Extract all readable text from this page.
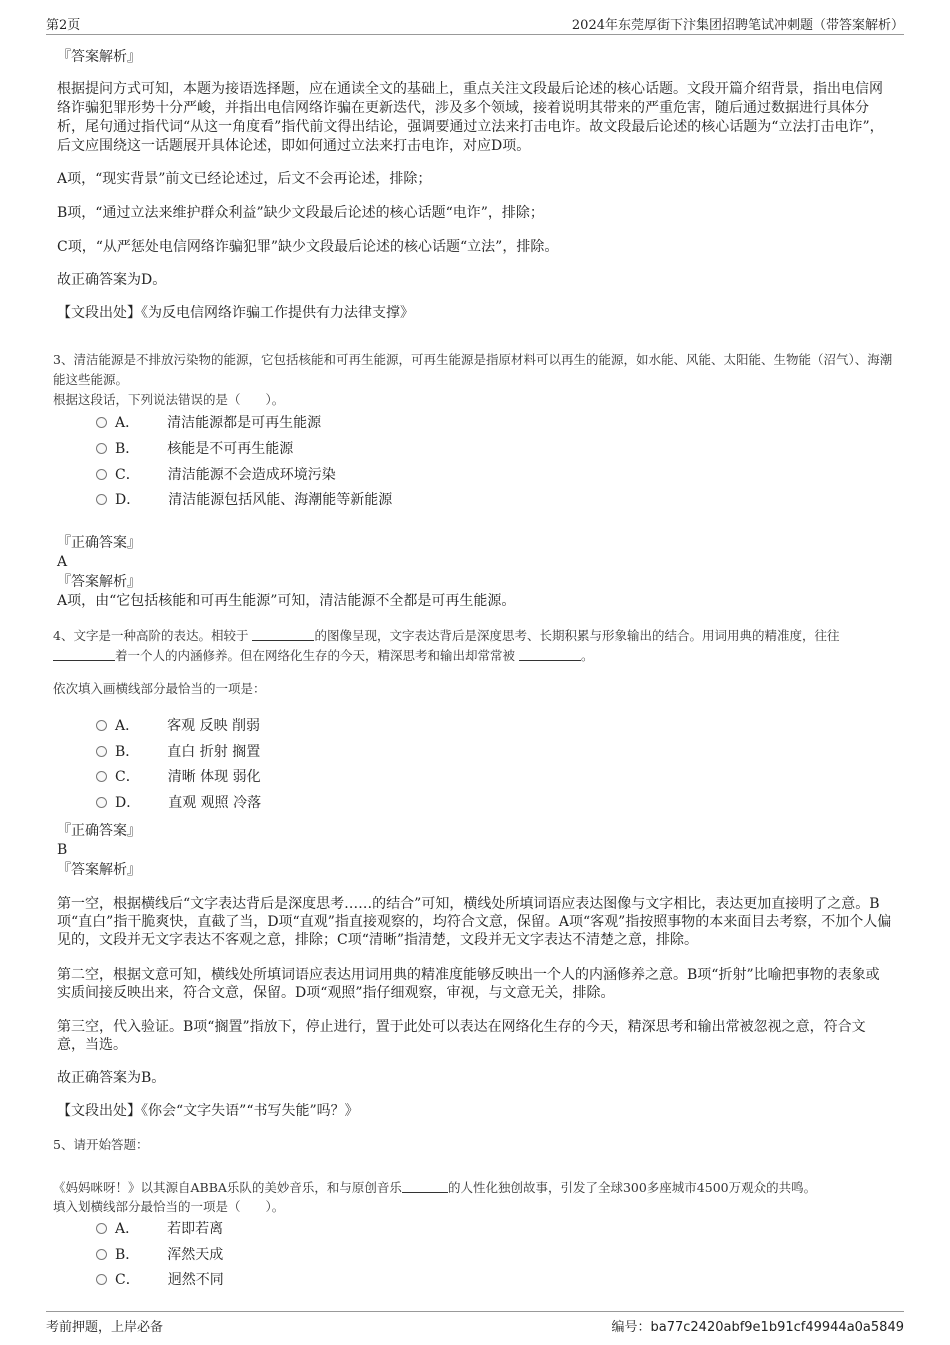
第2页	2024年东莞厚街下汴集团招聘笔试冲刺题（带答案解析）
『答案解析』
根据提问方式可知，本题为接语选择题，应在通读全文的基础上，重点关注文段最后论述的核心话题。文段开篇介绍背景，指出电信网络诈骗犯罪形势十分严峻，并指出电信网络诈骗在更新迭代，涉及多个领域，接着说明其带来的严重危害，随后通过数据进行具体分析，尾句通过指代词“从这一角度看”指代前文得出结论，强调要通过立法来打击电诈。故文段最后论述的核心话题为“立法打击电诈”，后文应围绕这一话题展开具体论述，即如何通过立法来打击电诈，对应D项。
A项，“现实背景”前文已经论述过，后文不会再论述，排除；
B项，“通过立法来维护群众利益”缺少文段最后论述的核心话题“电诈”，排除；
C项，“从严惩处电信网络诈骗犯罪”缺少文段最后论述的核心话题“立法”，排除。
故正确答案为D。
【文段出处】《为反电信网络诈骗工作提供有力法律支撑》
3、清洁能源是不排放污染物的能源，它包括核能和可再生能源，可再生能源是指原材料可以再生的能源，如水能、风能、太阳能、生物能（沼气）、海潮能这些能源。
根据这段话，下列说法错误的是（　　）。
A． 清洁能源都是可再生能源
B． 核能是不可再生能源
C． 清洁能源不会造成环境污染
D． 清洁能源包括风能、海潮能等新能源
『正确答案』
A
『答案解析』
A项，由“它包括核能和可再生能源”可知，清洁能源不全都是可再生能源。
4、文字是一种高阶的表达。相较于	的图像呈现，文字表达背后是深度思考、长期积累与形象输出的结合。用词用典的精准度，往往 着一个人的内涵修养。但在网络化生存的今天，精深思考和输出却常常被	。
依次填入画横线部分最恰当的一项是：
A． 客观 反映 削弱
B． 直白 折射 搁置
C． 清晰 体现 弱化
D． 直观 观照 冷落
『正确答案』
B
『答案解析』
第一空，根据横线后“文字表达背后是深度思考……的结合”可知，横线处所填词语应表达图像与文字相比，表达更加直接明了之意。B项“直白”指干脆爽快，直截了当，D项“直观”指直接观察的，均符合文意，保留。A项“客观”指按照事物的本来面目去考察，不加个人偏见的，文段并无文字表达不客观之意，排除；C项“清晰”指清楚，文段并无文字表达不清楚之意，排除。
第二空，根据文意可知，横线处所填词语应表达用词用典的精准度能够反映出一个人的内涵修养之意。B项“折射”比喻把事物的表象或实质间接反映出来，符合文意，保留。D项“观照”指仔细观察，审视，与文意无关，排除。
第三空，代入验证。B项“搁置”指放下，停止进行，置于此处可以表达在网络化生存的今天，精深思考和输出常被忽视之意，符合文意，当选。
故正确答案为B。
【文段出处】《你会“文字失语”“书写失能”吗？》
5、请开始答题：
《妈妈咪呀！》以其源自ABBA乐队的美妙音乐，和与原创音乐	的人性化独创故事，引发了全球300多座城市4500万观众的共鸣。
填入划横线部分最恰当的一项是（　　）。
A． 若即若离
B． 浑然天成
C． 迥然不同
考前押题，上岸必备	编号：ba77c2420abf9e1b91cf49944a0a5849
